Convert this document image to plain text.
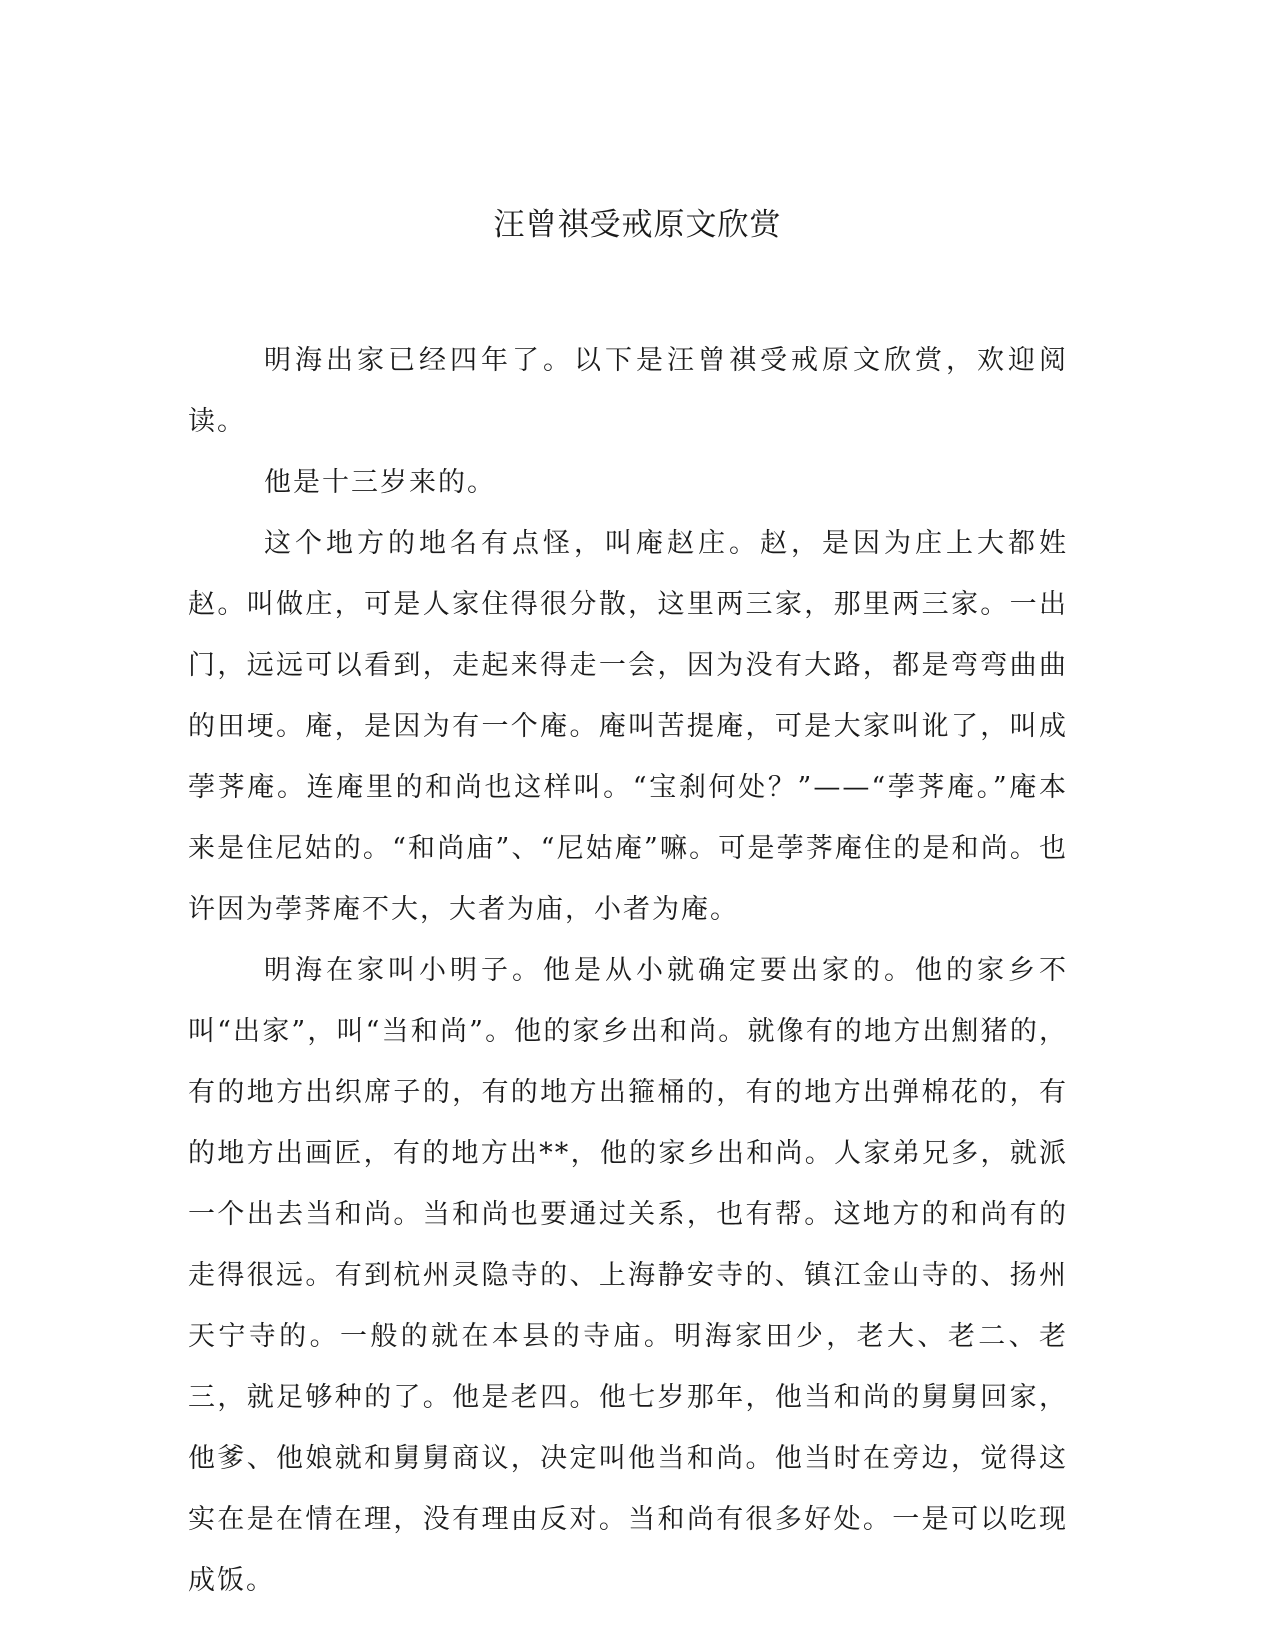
汪曾祺受戒原文欣赏

明海出家已经四年了。以下是汪曾祺受戒原文欣赏，欢迎阅读。

他是十三岁来的。

这个地方的地名有点怪，叫庵赵庄。赵，是因为庄上大都姓赵。叫做庄，可是人家住得很分散，这里两三家，那里两三家。一出门，远远可以看到，走起来得走一会，因为没有大路，都是弯弯曲曲的田埂。庵，是因为有一个庵。庵叫苦提庵，可是大家叫讹了，叫成荸荠庵。连庵里的和尚也这样叫。“宝刹何处？”——“荸荠庵。”庵本来是住尼姑的。“和尚庙”、“尼姑庵”嘛。可是荸荠庵住的是和尚。也许因为荸荠庵不大，大者为庙，小者为庵。

明海在家叫小明子。他是从小就确定要出家的。他的家乡不叫“出家”，叫“当和尚”。他的家乡出和尚。就像有的地方出劁猪的，有的地方出织席子的，有的地方出箍桶的，有的地方出弹棉花的，有的地方出画匠，有的地方出**，他的家乡出和尚。人家弟兄多，就派一个出去当和尚。当和尚也要通过关系，也有帮。这地方的和尚有的走得很远。有到杭州灵隐寺的、上海静安寺的、镇江金山寺的、扬州天宁寺的。一般的就在本县的寺庙。明海家田少，老大、老二、老三，就足够种的了。他是老四。他七岁那年，他当和尚的舅舅回家，他爹、他娘就和舅舅商议，决定叫他当和尚。他当时在旁边，觉得这实在是在情在理，没有理由反对。当和尚有很多好处。一是可以吃现成饭。
